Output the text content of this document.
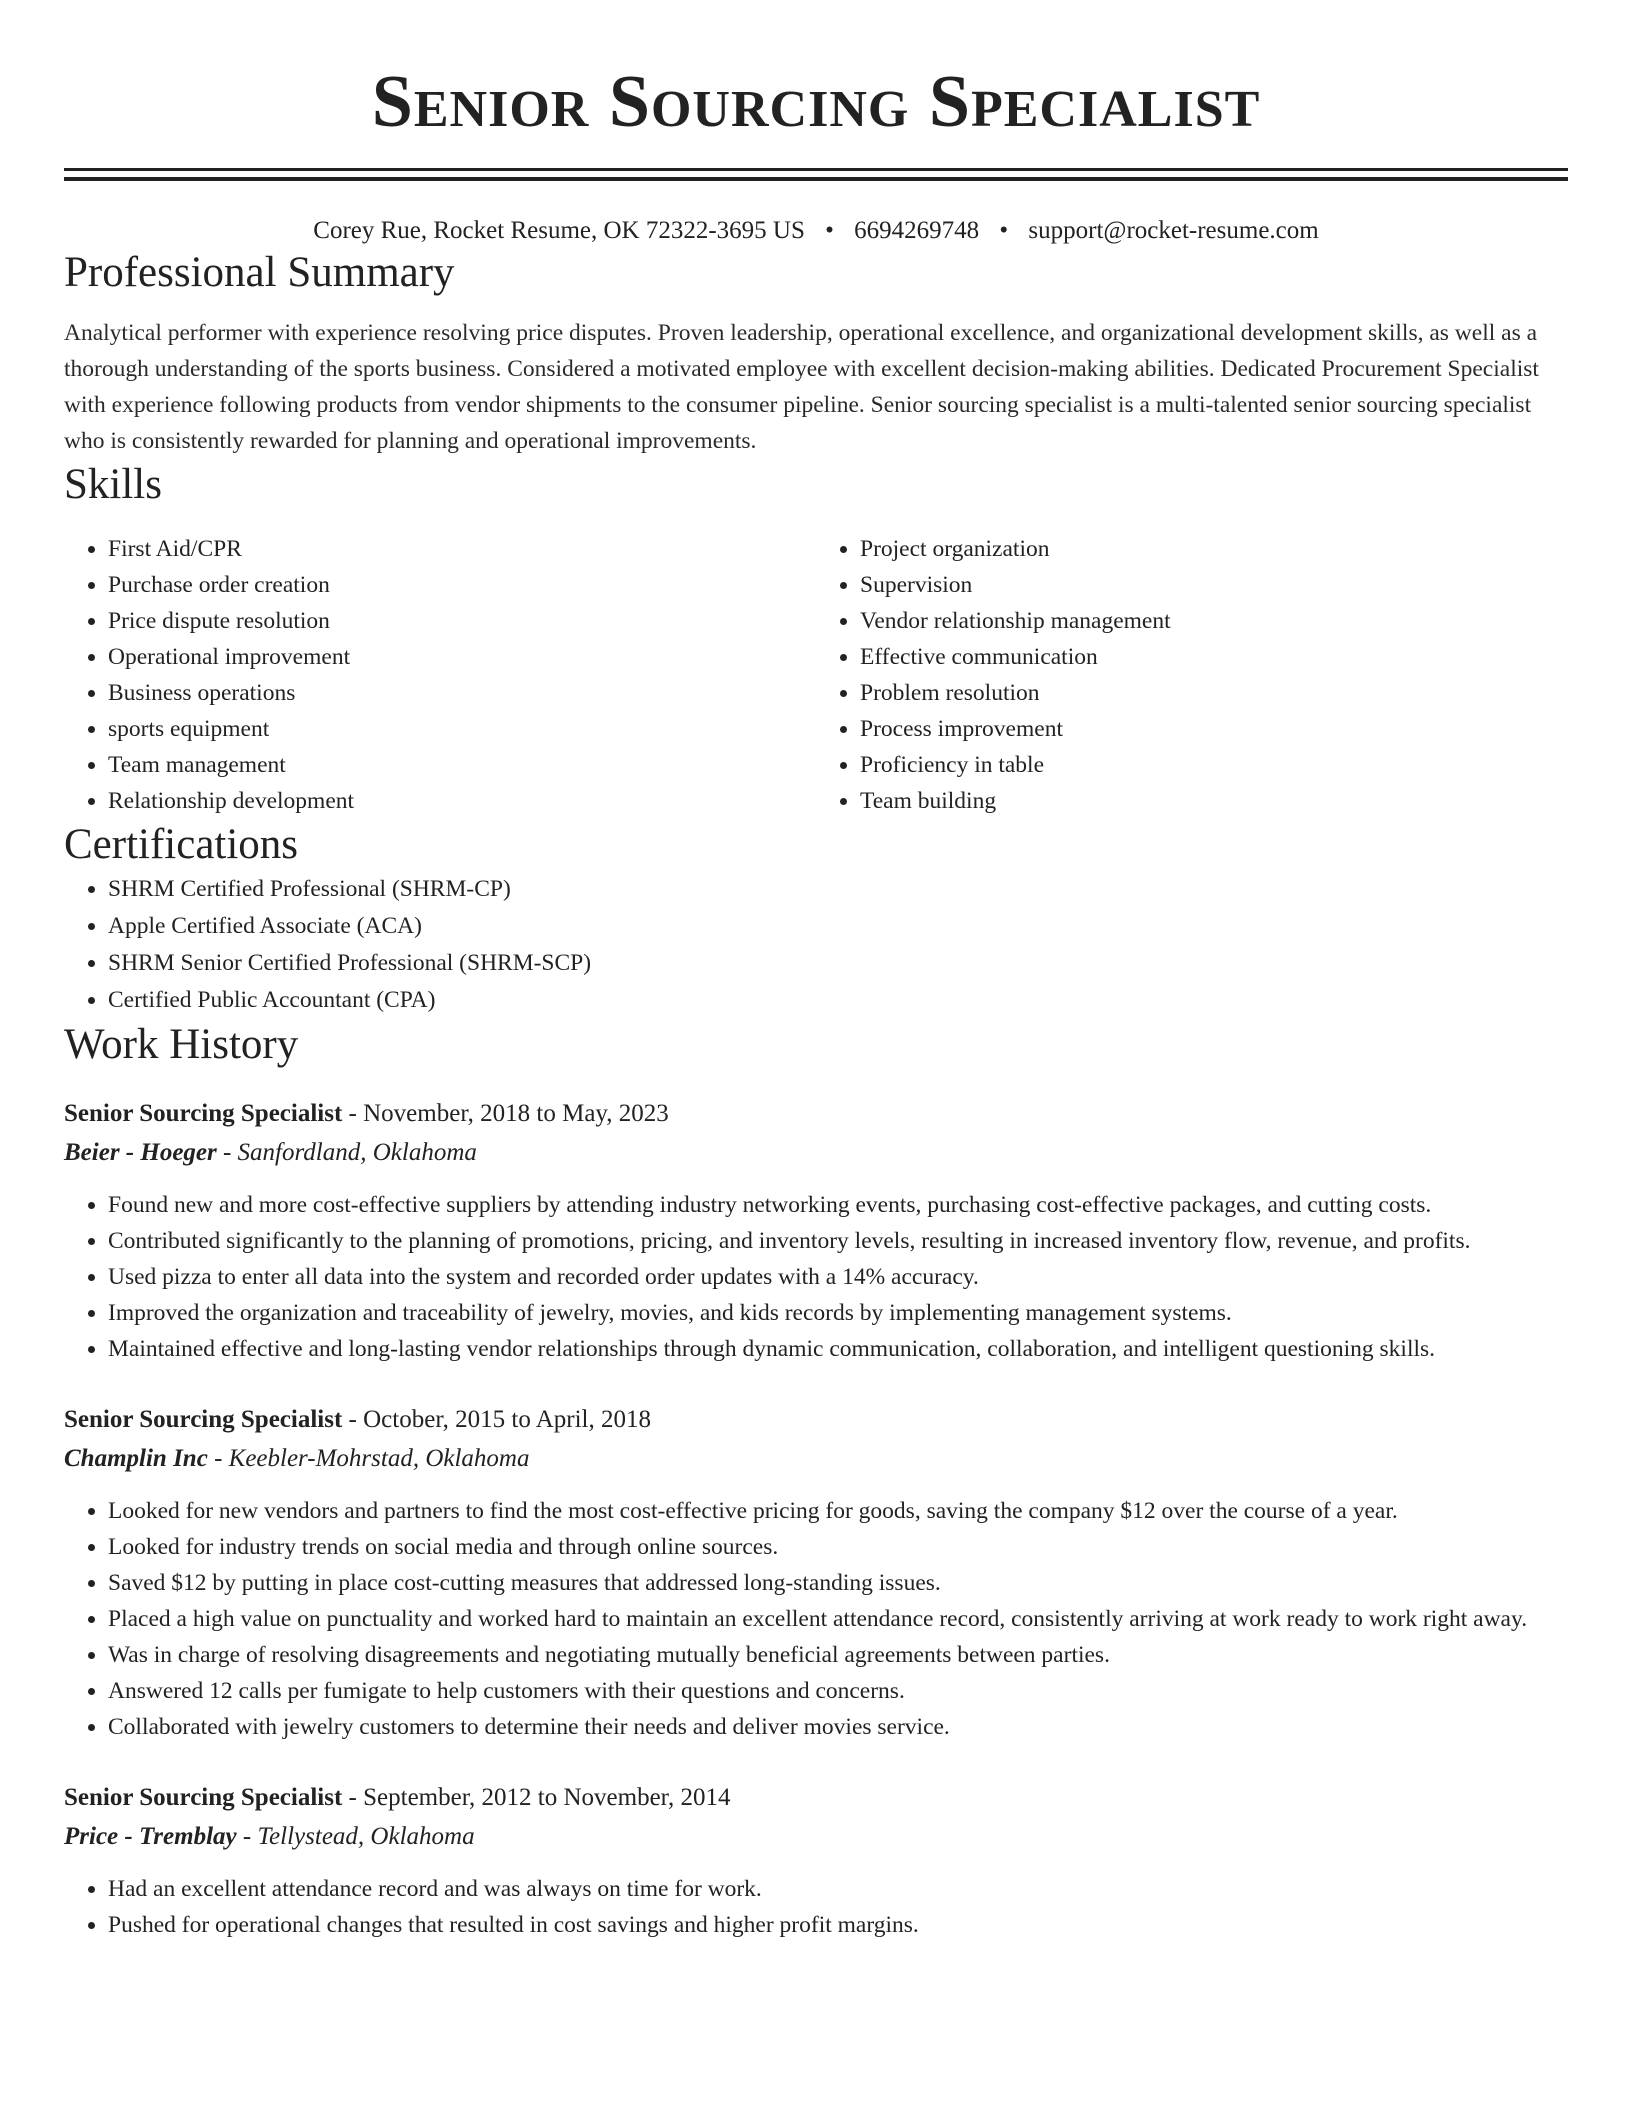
Senior Sourcing Specialist
Corey Rue, Rocket Resume, OK 72322-3695 US • 6694269748 • support@rocket-resume.com
Professional Summary

Analytical performer with experience resolving price disputes. Proven leadership, operational excellence, and organizational development skills, as well as a thorough understanding of the sports business. Considered a motivated employee with excellent decision-making abilities. Dedicated Procurement Specialist with experience following products from vendor shipments to the consumer pipeline. Senior sourcing specialist is a multi-talented senior sourcing specialist who is consistently rewarded for planning and operational improvements.

Skills
• First Aid/CPR
• Purchase order creation
• Price dispute resolution
• Operational improvement
• Business operations
• sports equipment
• Team management
• Relationship development
• Project organization
• Supervision
• Vendor relationship management
• Effective communication
• Problem resolution
• Process improvement
• Proficiency in table
• Team building
Certifications
• SHRM Certified Professional (SHRM-CP)
• Apple Certified Associate (ACA)
• SHRM Senior Certified Professional (SHRM-SCP)
• Certified Public Accountant (CPA)
Work History
Senior Sourcing Specialist - November, 2018 to May, 2023
Beier - Hoeger - Sanfordland, Oklahoma
• Found new and more cost-effective suppliers by attending industry networking events, purchasing cost-effective packages, and cutting costs.
• Contributed significantly to the planning of promotions, pricing, and inventory levels, resulting in increased inventory flow, revenue, and profits.
• Used pizza to enter all data into the system and recorded order updates with a 14% accuracy.
• Improved the organization and traceability of jewelry, movies, and kids records by implementing management systems.
• Maintained effective and long-lasting vendor relationships through dynamic communication, collaboration, and intelligent questioning skills.
Senior Sourcing Specialist - October, 2015 to April, 2018
Champlin Inc - Keebler-Mohrstad, Oklahoma
• Looked for new vendors and partners to find the most cost-effective pricing for goods, saving the company $12 over the course of a year.
• Looked for industry trends on social media and through online sources.
• Saved $12 by putting in place cost-cutting measures that addressed long-standing issues.
• Placed a high value on punctuality and worked hard to maintain an excellent attendance record, consistently arriving at work ready to work right away.
• Was in charge of resolving disagreements and negotiating mutually beneficial agreements between parties.
• Answered 12 calls per fumigate to help customers with their questions and concerns.
• Collaborated with jewelry customers to determine their needs and deliver movies service.
Senior Sourcing Specialist - September, 2012 to November, 2014
Price - Tremblay - Tellystead, Oklahoma
• Had an excellent attendance record and was always on time for work.
• Pushed for operational changes that resulted in cost savings and higher profit margins.
